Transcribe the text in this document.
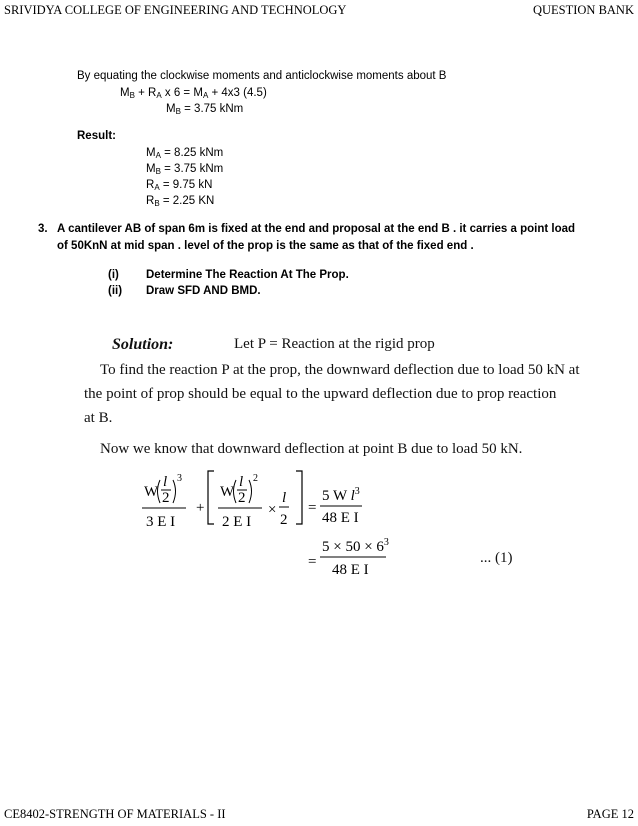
SRIVIDYA COLLEGE OF ENGINEERING AND TECHNOLOGY	QUESTION BANK
By equating the clockwise moments and anticlockwise moments about B
$M_B + R_A$ x $6 = M_A + 4x3$ (4.5)
$M_B = 3.75$ kNm
Result:
$M_A = 8.25$ kNm
$M_B = 3.75$ kNm
$R_A = 9.75$ kN
$R_B = 2.25$ KN
3. A cantilever AB of span 6m is fixed at the end and proposal at the end B . it carries a point load
of 50KnN at mid span . level of the prop is the same as that of the fixed end .
(i) Determine The Reaction At The Prop.
(ii) Draw SFD AND BMD.
Solution:	Let P = Reaction at the rigid prop
To find the reaction P at the prop, the downward deflection due to load 50 kN at
the point of prop should be equal to the upward deflection due to prop reaction
at B.
Now we know that downward deflection at point B due to load 50 kN.
W
l
2
3
3 E I
+
W
l
2
2
2 E I
×
l
2
=
5 W $l^3$
48 E I
=
$5 \times 50 \times 6^3$
48 E I
... (1)
CE8402-STRENGTH OF MATERIALS - II	PAGE 12
